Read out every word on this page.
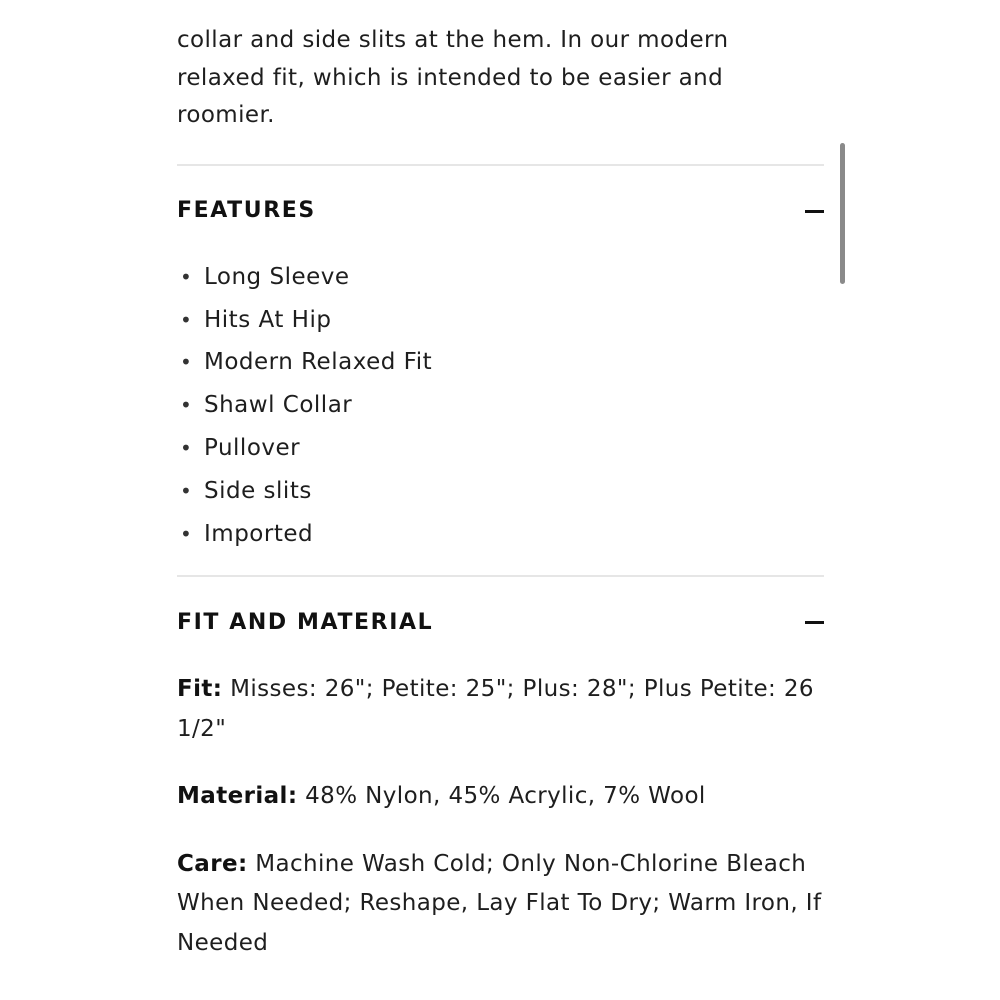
collar and side slits at the hem. In our modern relaxed fit, which is intended to be easier and roomier.

FEATURES
• Long Sleeve
• Hits At Hip
• Modern Relaxed Fit
• Shawl Collar
• Pullover
• Side slits
• Imported
FIT AND MATERIAL

Fit: Misses: 26"; Petite: 25"; Plus: 28"; Plus Petite: 26 1/2"

Material: 48% Nylon, 45% Acrylic, 7% Wool

Care: Machine Wash Cold; Only Non-Chlorine Bleach When Needed; Reshape, Lay Flat To Dry; Warm Iron, If Needed
